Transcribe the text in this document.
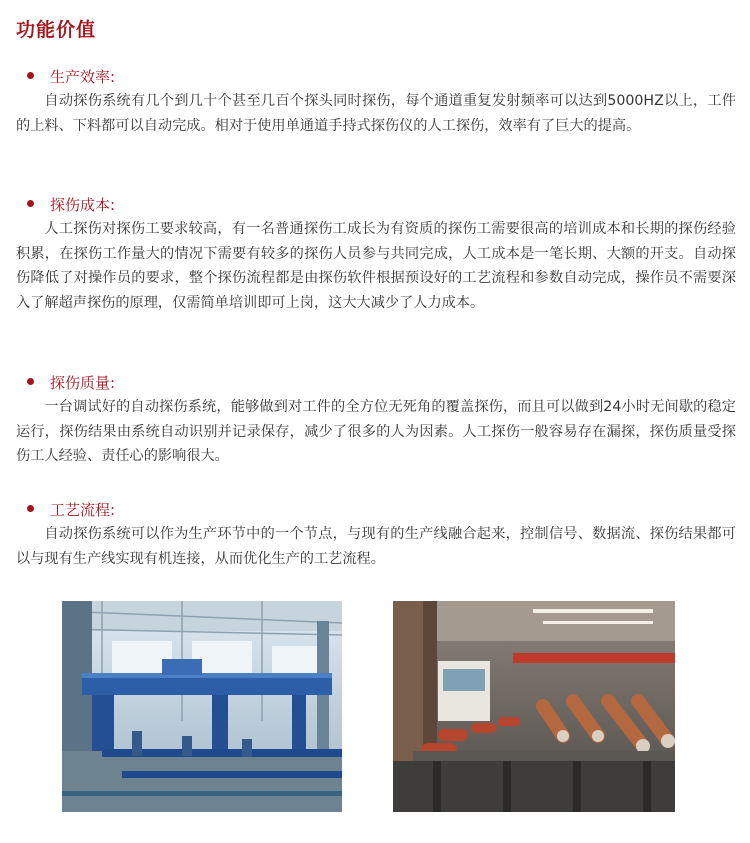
功能价值
生产效率:

自动探伤系统有几个到几十个甚至几百个探头同时探伤，每个通道重复发射频率可以达到5000HZ以上，工件的上料、下料都可以自动完成。相对于使用单通道手持式探伤仪的人工探伤，效率有了巨大的提高。

探伤成本:

人工探伤对探伤工要求较高，有一名普通探伤工成长为有资质的探伤工需要很高的培训成本和长期的探伤经验积累，在探伤工作量大的情况下需要有较多的探伤人员参与共同完成，人工成本是一笔长期、大额的开支。自动探伤降低了对操作员的要求，整个探伤流程都是由探伤软件根据预设好的工艺流程和参数自动完成，操作员不需要深入了解超声探伤的原理，仅需简单培训即可上岗，这大大减少了人力成本。

探伤质量:

一台调试好的自动探伤系统，能够做到对工件的全方位无死角的覆盖探伤，而且可以做到24小时无间歇的稳定运行，探伤结果由系统自动识别并记录保存，减少了很多的人为因素。人工探伤一般容易存在漏探，探伤质量受探伤工人经验、责任心的影响很大。

工艺流程:

自动探伤系统可以作为生产环节中的一个节点，与现有的生产线融合起来，控制信号、数据流、探伤结果都可以与现有生产线实现有机连接，从而优化生产的工艺流程。
